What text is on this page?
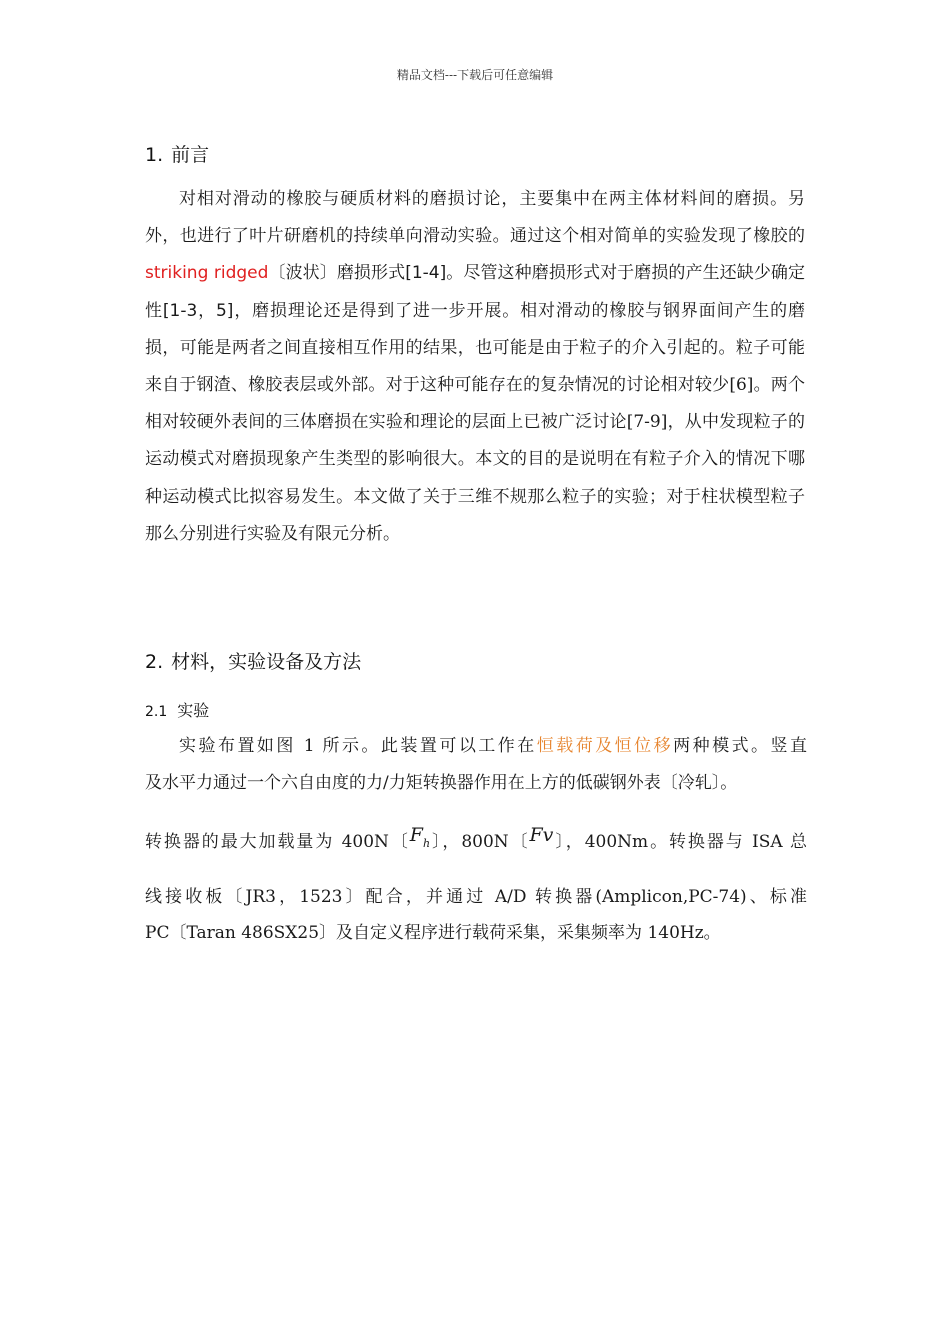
精品文档---下载后可任意编辑
1. 前言

对相对滑动的橡胶与硬质材料的磨损讨论，主要集中在两主体材料间的磨损。另外，也进行了叶片研磨机的持续单向滑动实验。通过这个相对简单的实验发现了橡胶的striking ridged〔波状〕磨损形式[1-4]。尽管这种磨损形式对于磨损的产生还缺少确定性[1-3，5]，磨损理论还是得到了进一步开展。相对滑动的橡胶与钢界面间产生的磨损，可能是两者之间直接相互作用的结果，也可能是由于粒子的介入引起的。粒子可能来自于钢渣、橡胶表层或外部。对于这种可能存在的复杂情况的讨论相对较少[6]。两个相对较硬外表间的三体磨损在实验和理论的层面上已被广泛讨论[7-9]，从中发现粒子的运动模式对磨损现象产生类型的影响很大。本文的目的是说明在有粒子介入的情况下哪种运动模式比拟容易发生。本文做了关于三维不规那么粒子的实验；对于柱状模型粒子那么分别进行实验及有限元分析。

2. 材料，实验设备及方法
2.1 实验
实验布置如图 1 所示。此装置可以工作在恒载荷及恒位移两种模式。竖直
及水平力通过一个六自由度的力/力矩转换器作用在上方的低碳钢外表〔冷轧〕。
转换器的最大加载量为 400N〔Fh〕，800N〔Fv〕，400Nm。转换器与 ISA 总
线接收板〔JR3，1523〕配合，并通过 A/D 转换器(Amplicon,PC-74)、标准
PC〔Taran 486SX25〕及自定义程序进行载荷采集，采集频率为 140Hz。
